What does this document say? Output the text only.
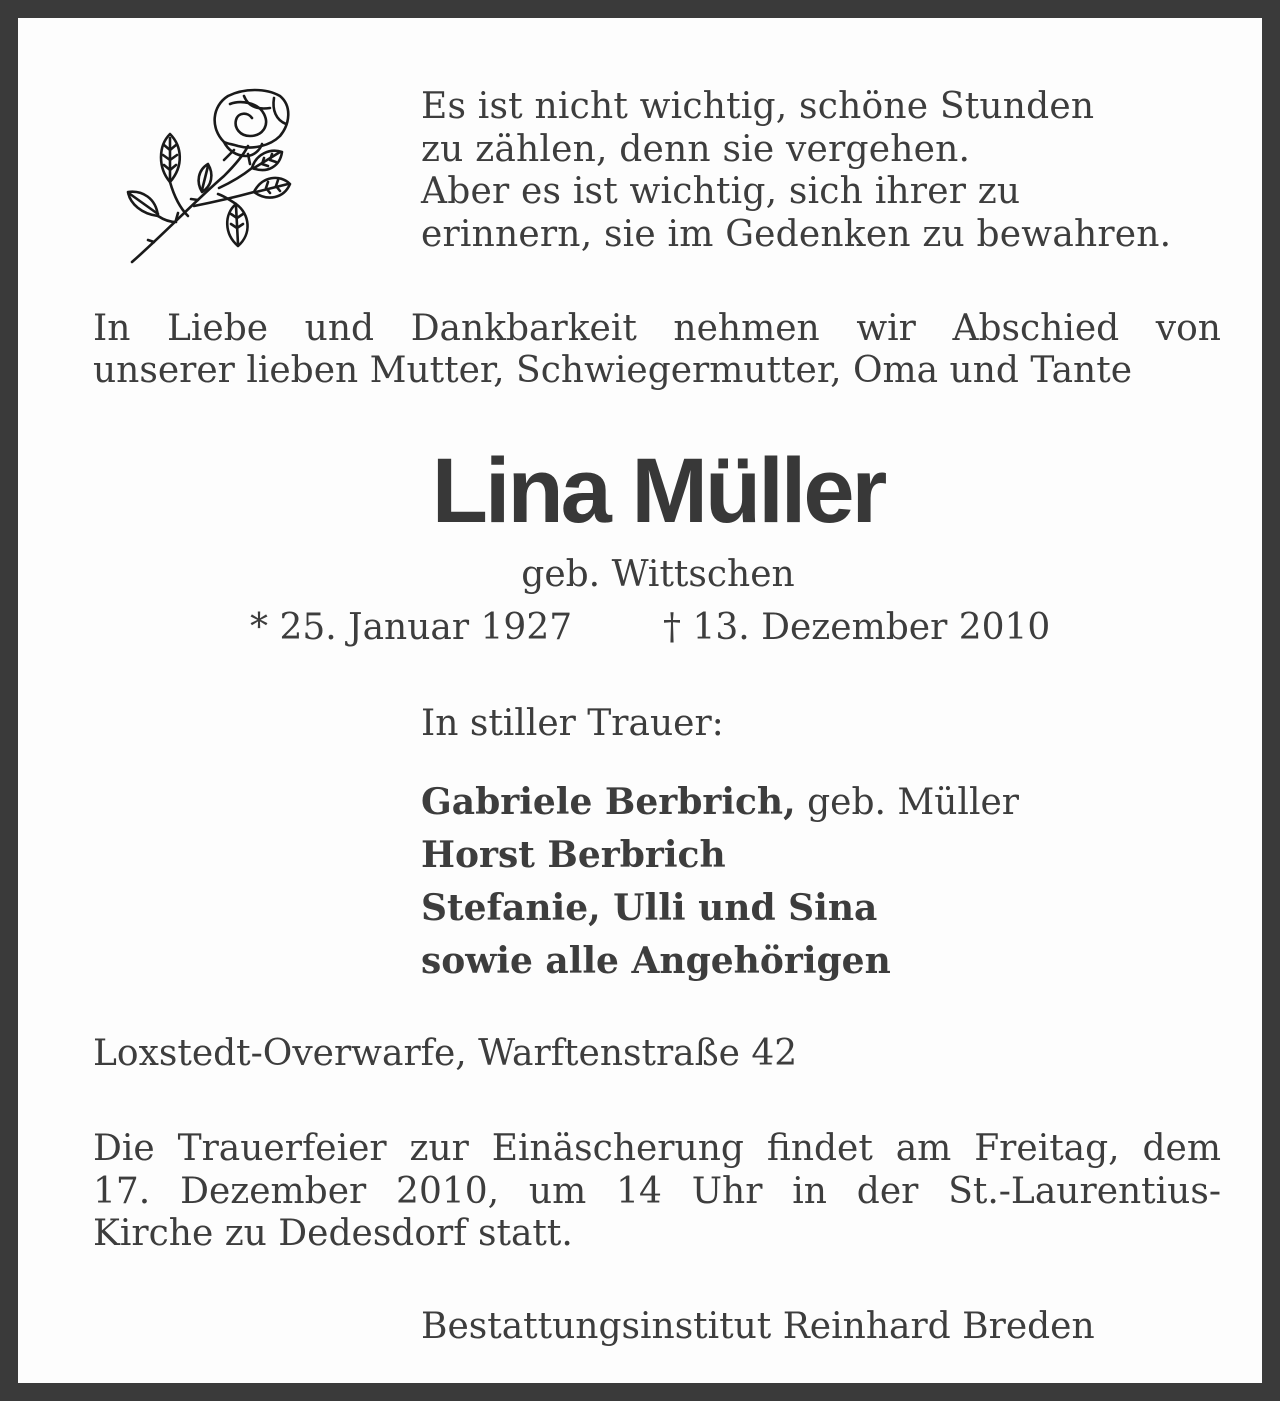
Es ist nicht wichtig, schöne Stunden
zu zählen, denn sie vergehen.
Aber es ist wichtig, sich ihrer zu
erinnern, sie im Gedenken zu bewahren.
In Liebe und Dankbarkeit nehmen wir Abschied von
unserer lieben Mutter, Schwiegermutter, Oma und Tante
Lina Müller
geb. Wittschen
* 25. Januar 1927	† 13. Dezember 2010
In stiller Trauer:
Gabriele Berbrich, geb. Müller
Horst Berbrich
Stefanie, Ulli und Sina
sowie alle Angehörigen
Loxstedt-Overwarfe, Warftenstraße 42
Die Trauerfeier zur Einäscherung findet am Freitag, dem
17. Dezember 2010, um 14 Uhr in der St.-Laurentius-
Kirche zu Dedesdorf statt.
Bestattungsinstitut Reinhard Breden
